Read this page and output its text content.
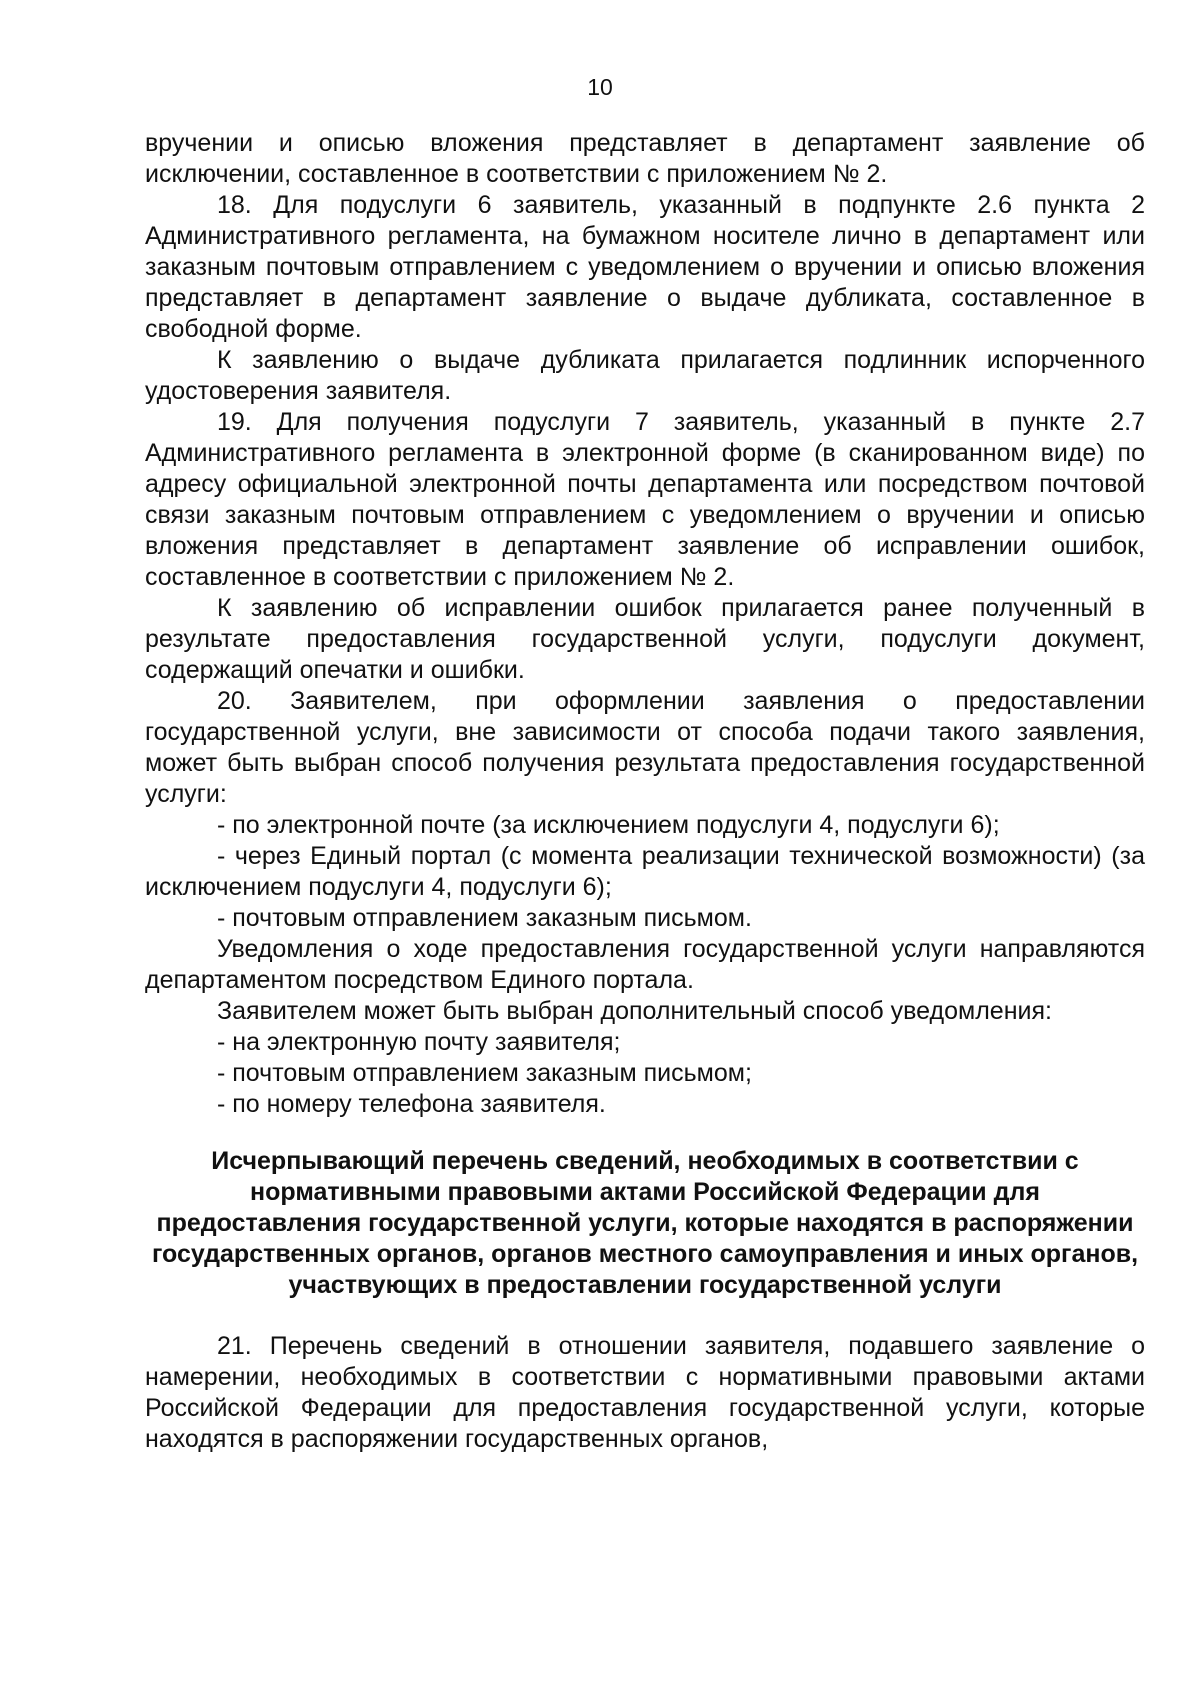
10

вручении и описью вложения представляет в департамент заявление об исключении, составленное в соответствии с приложением № 2.

18. Для подуслуги 6 заявитель, указанный в подпункте 2.6 пункта 2 Административного регламента, на бумажном носителе лично в департамент или заказным почтовым отправлением с уведомлением о вручении и описью вложения представляет в департамент заявление о выдаче дубликата, составленное в свободной форме.

К заявлению о выдаче дубликата прилагается подлинник испорченного удостоверения заявителя.

19. Для получения подуслуги 7 заявитель, указанный в пункте 2.7 Административного регламента в электронной форме (в сканированном виде) по адресу официальной электронной почты департамента или посредством почтовой связи заказным почтовым отправлением с уведомлением о вручении и описью вложения представляет в департамент заявление об исправлении ошибок, составленное в соответствии с приложением № 2.

К заявлению об исправлении ошибок прилагается ранее полученный в результате предоставления государственной услуги, подуслуги документ, содержащий опечатки и ошибки.

20. Заявителем, при оформлении заявления о предоставлении государственной услуги, вне зависимости от способа подачи такого заявления, может быть выбран способ получения результата предоставления государственной услуги:

- по электронной почте (за исключением подуслуги 4, подуслуги 6);

- через Единый портал (с момента реализации технической возможности) (за исключением подуслуги 4, подуслуги 6);

- почтовым отправлением заказным письмом.

Уведомления о ходе предоставления государственной услуги направляются департаментом посредством Единого портала.

Заявителем может быть выбран дополнительный способ уведомления:

- на электронную почту заявителя;

- почтовым отправлением заказным письмом;

- по номеру телефона заявителя.

Исчерпывающий перечень сведений, необходимых в соответствии с нормативными правовыми актами Российской Федерации для предоставления государственной услуги, которые находятся в распоряжении государственных органов, органов местного самоуправления и иных органов, участвующих в предоставлении государственной услуги

21. Перечень сведений в отношении заявителя, подавшего заявление о намерении, необходимых в соответствии с нормативными правовыми актами Российской Федерации для предоставления государственной услуги, которые находятся в распоряжении государственных органов,
